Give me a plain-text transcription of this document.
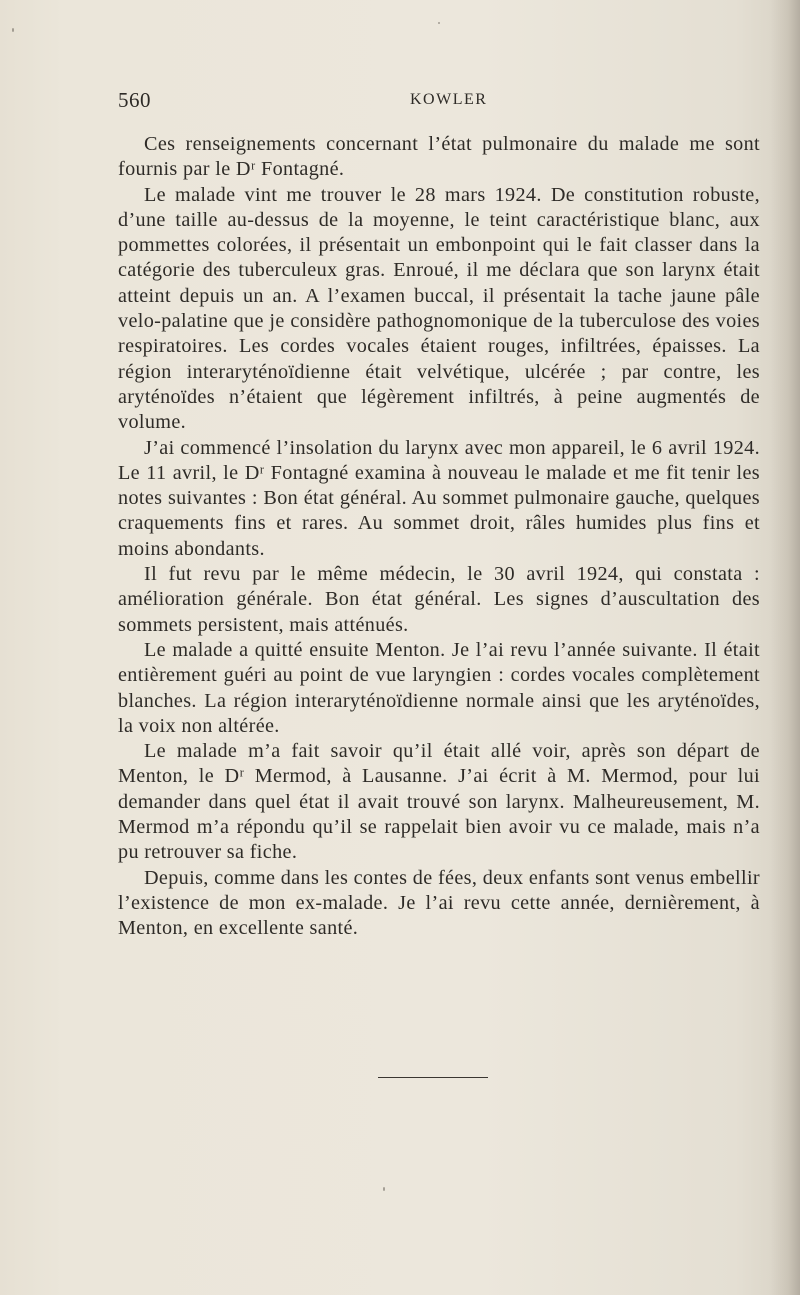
560	KOWLER

Ces renseignements concernant l’état pulmonaire du malade me sont fournis par le Dʳ Fontagné.

Le malade vint me trouver le 28 mars 1924. De constitution robuste, d’une taille au-dessus de la moyenne, le teint caractéristique blanc, aux pommettes colorées, il présentait un embonpoint qui le fait classer dans la catégorie des tuberculeux gras. Enroué, il me déclara que son larynx était atteint depuis un an. A l’examen buccal, il présentait la tache jaune pâle velo-palatine que je considère pathognomonique de la tuberculose des voies respiratoires. Les cordes vocales étaient rouges, infiltrées, épaisses. La région interaryténoïdienne était velvétique, ulcérée ; par contre, les aryténoïdes n’étaient que légèrement infiltrés, à peine augmentés de volume.

J’ai commencé l’insolation du larynx avec mon appareil, le 6 avril 1924. Le 11 avril, le Dʳ Fontagné examina à nouveau le malade et me fit tenir les notes suivantes : Bon état général. Au sommet pulmonaire gauche, quelques craquements fins et rares. Au sommet droit, râles humides plus fins et moins abondants.

Il fut revu par le même médecin, le 30 avril 1924, qui constata : amélioration générale. Bon état général. Les signes d’auscultation des sommets persistent, mais atténués.

Le malade a quitté ensuite Menton. Je l’ai revu l’année suivante. Il était entièrement guéri au point de vue laryngien : cordes vocales complètement blanches. La région interaryténoïdienne normale ainsi que les aryténoïdes, la voix non altérée.

Le malade m’a fait savoir qu’il était allé voir, après son départ de Menton, le Dʳ Mermod, à Lausanne. J’ai écrit à M. Mermod, pour lui demander dans quel état il avait trouvé son larynx. Malheureusement, M. Mermod m’a répondu qu’il se rappelait bien avoir vu ce malade, mais n’a pu retrouver sa fiche.

Depuis, comme dans les contes de fées, deux enfants sont venus embellir l’existence de mon ex-malade. Je l’ai revu cette année, dernièrement, à Menton, en excellente santé.
